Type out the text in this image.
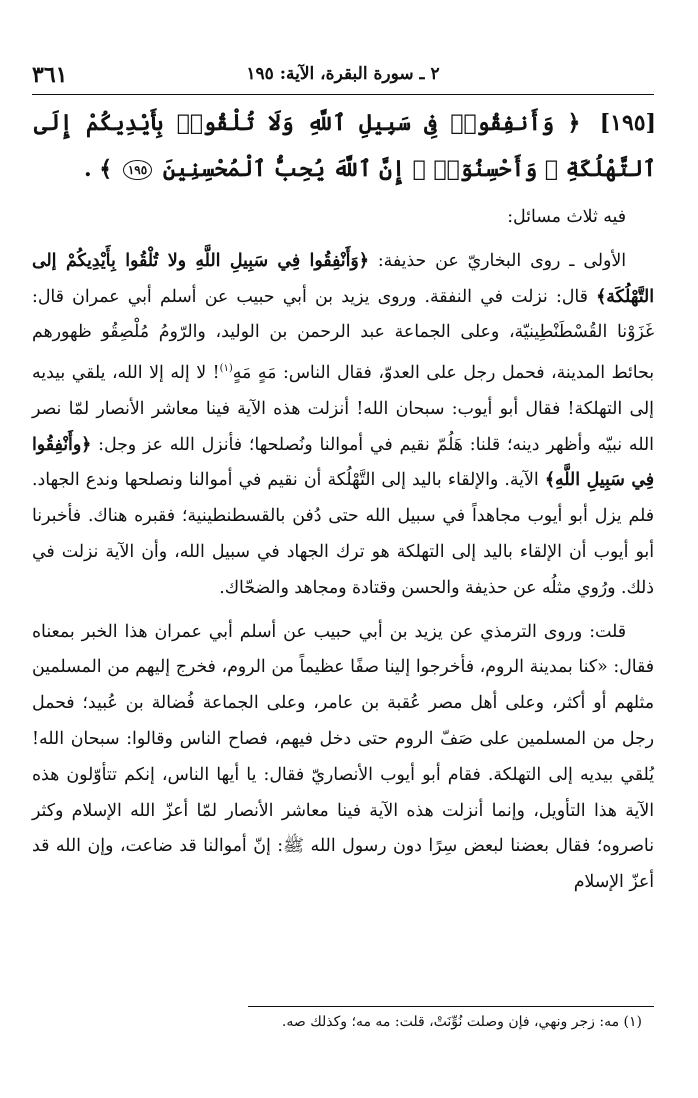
٣٦١	٢ ـ سورة البقرة، الآية: ١٩٥
[١٩٥] ﴿ وَأَنفِقُوا۟ فِى سَبِيلِ ٱللَّهِ وَلَا تُلْقُوا۟ بِأَيْدِيكُمْ إِلَى ٱلتَّهْلُكَةِ ۛ وَأَحْسِنُوٓا۟ ۛ إِنَّ ٱللَّهَ يُحِبُّ ٱلْمُحْسِنِينَ ١٩٥ ﴾ .

فيه ثلاث مسائل:

الأولى ـ روى البخاريّ عن حذيفة: ﴿وَأَنْفِقُوا فِي سَبِيلِ اللَّهِ ولا تُلْقُوا بِأَيْدِيكُمْ إلى التَّهْلُكَة﴾ قال: نزلت في النفقة. وروى يزيد بن أبي حبيب عن أسلم أبي عمران قال: غَزَوْنا القُسْطَنْطِينيّة، وعلى الجماعة عبد الرحمن بن الوليد، والرّومُ مُلْصِقُو ظهورهم بحائط المدينة، فحمل رجل على العدوّ، فقال الناس: مَهٍ مَهٍ$^{(١)}$! لا إله إلا الله، يلقي بيديه إلى التهلكة! فقال أبو أيوب: سبحان الله! أنزلت هذه الآية فينا معاشر الأنصار لمّا نصر الله نبيّه وأظهر دينه؛ قلنا: هَلُمّ نقيم في أموالنا ونُصلحها؛ فأنزل الله عز وجل: ﴿وأَنْفِقُوا فِي سَبِيلِ اللَّهِ﴾ الآية. والإلقاء باليد إلى التَّهْلُكة أن نقيم في أموالنا ونصلحها وندع الجهاد. فلم يزل أبو أيوب مجاهداً في سبيل الله حتى دُفن بالقسطنطينية؛ فقبره هناك. فأخبرنا أبو أيوب أن الإلقاء باليد إلى التهلكة هو ترك الجهاد في سبيل الله، وأن الآية نزلت في ذلك. ورُوي مثلُه عن حذيفة والحسن وقتادة ومجاهد والضحّاك.

قلت: وروى الترمذي عن يزيد بن أبي حبيب عن أسلم أبي عمران هذا الخبر بمعناه فقال: «كنا بمدينة الروم، فأخرجوا إلينا صفًا عظيماً من الروم، فخرج إليهم من المسلمين مثلهم أو أكثر، وعلى أهل مصر عُقبة بن عامر، وعلى الجماعة فُضالة بن عُبيد؛ فحمل رجل من المسلمين على صَفّ الروم حتى دخل فيهم، فصاح الناس وقالوا: سبحان الله! يُلقي بيديه إلى التهلكة. فقام أبو أيوب الأنصاريّ فقال: يا أيها الناس، إنكم تتأوّلون هذه الآية هذا التأويل، وإنما أنزلت هذه الآية فينا معاشر الأنصار لمّا أعزّ الله الإسلام وكثر ناصروه؛ فقال بعضنا لبعض سِرًا دون رسول الله ﷺ: إنّ أموالنا قد ضاعت، وإن الله قد أعزّ الإسلام

(١) مه: زجر ونهي، فإن وصلت نُوِّنَتْ، قلت: مه مه؛ وكذلك صه.
